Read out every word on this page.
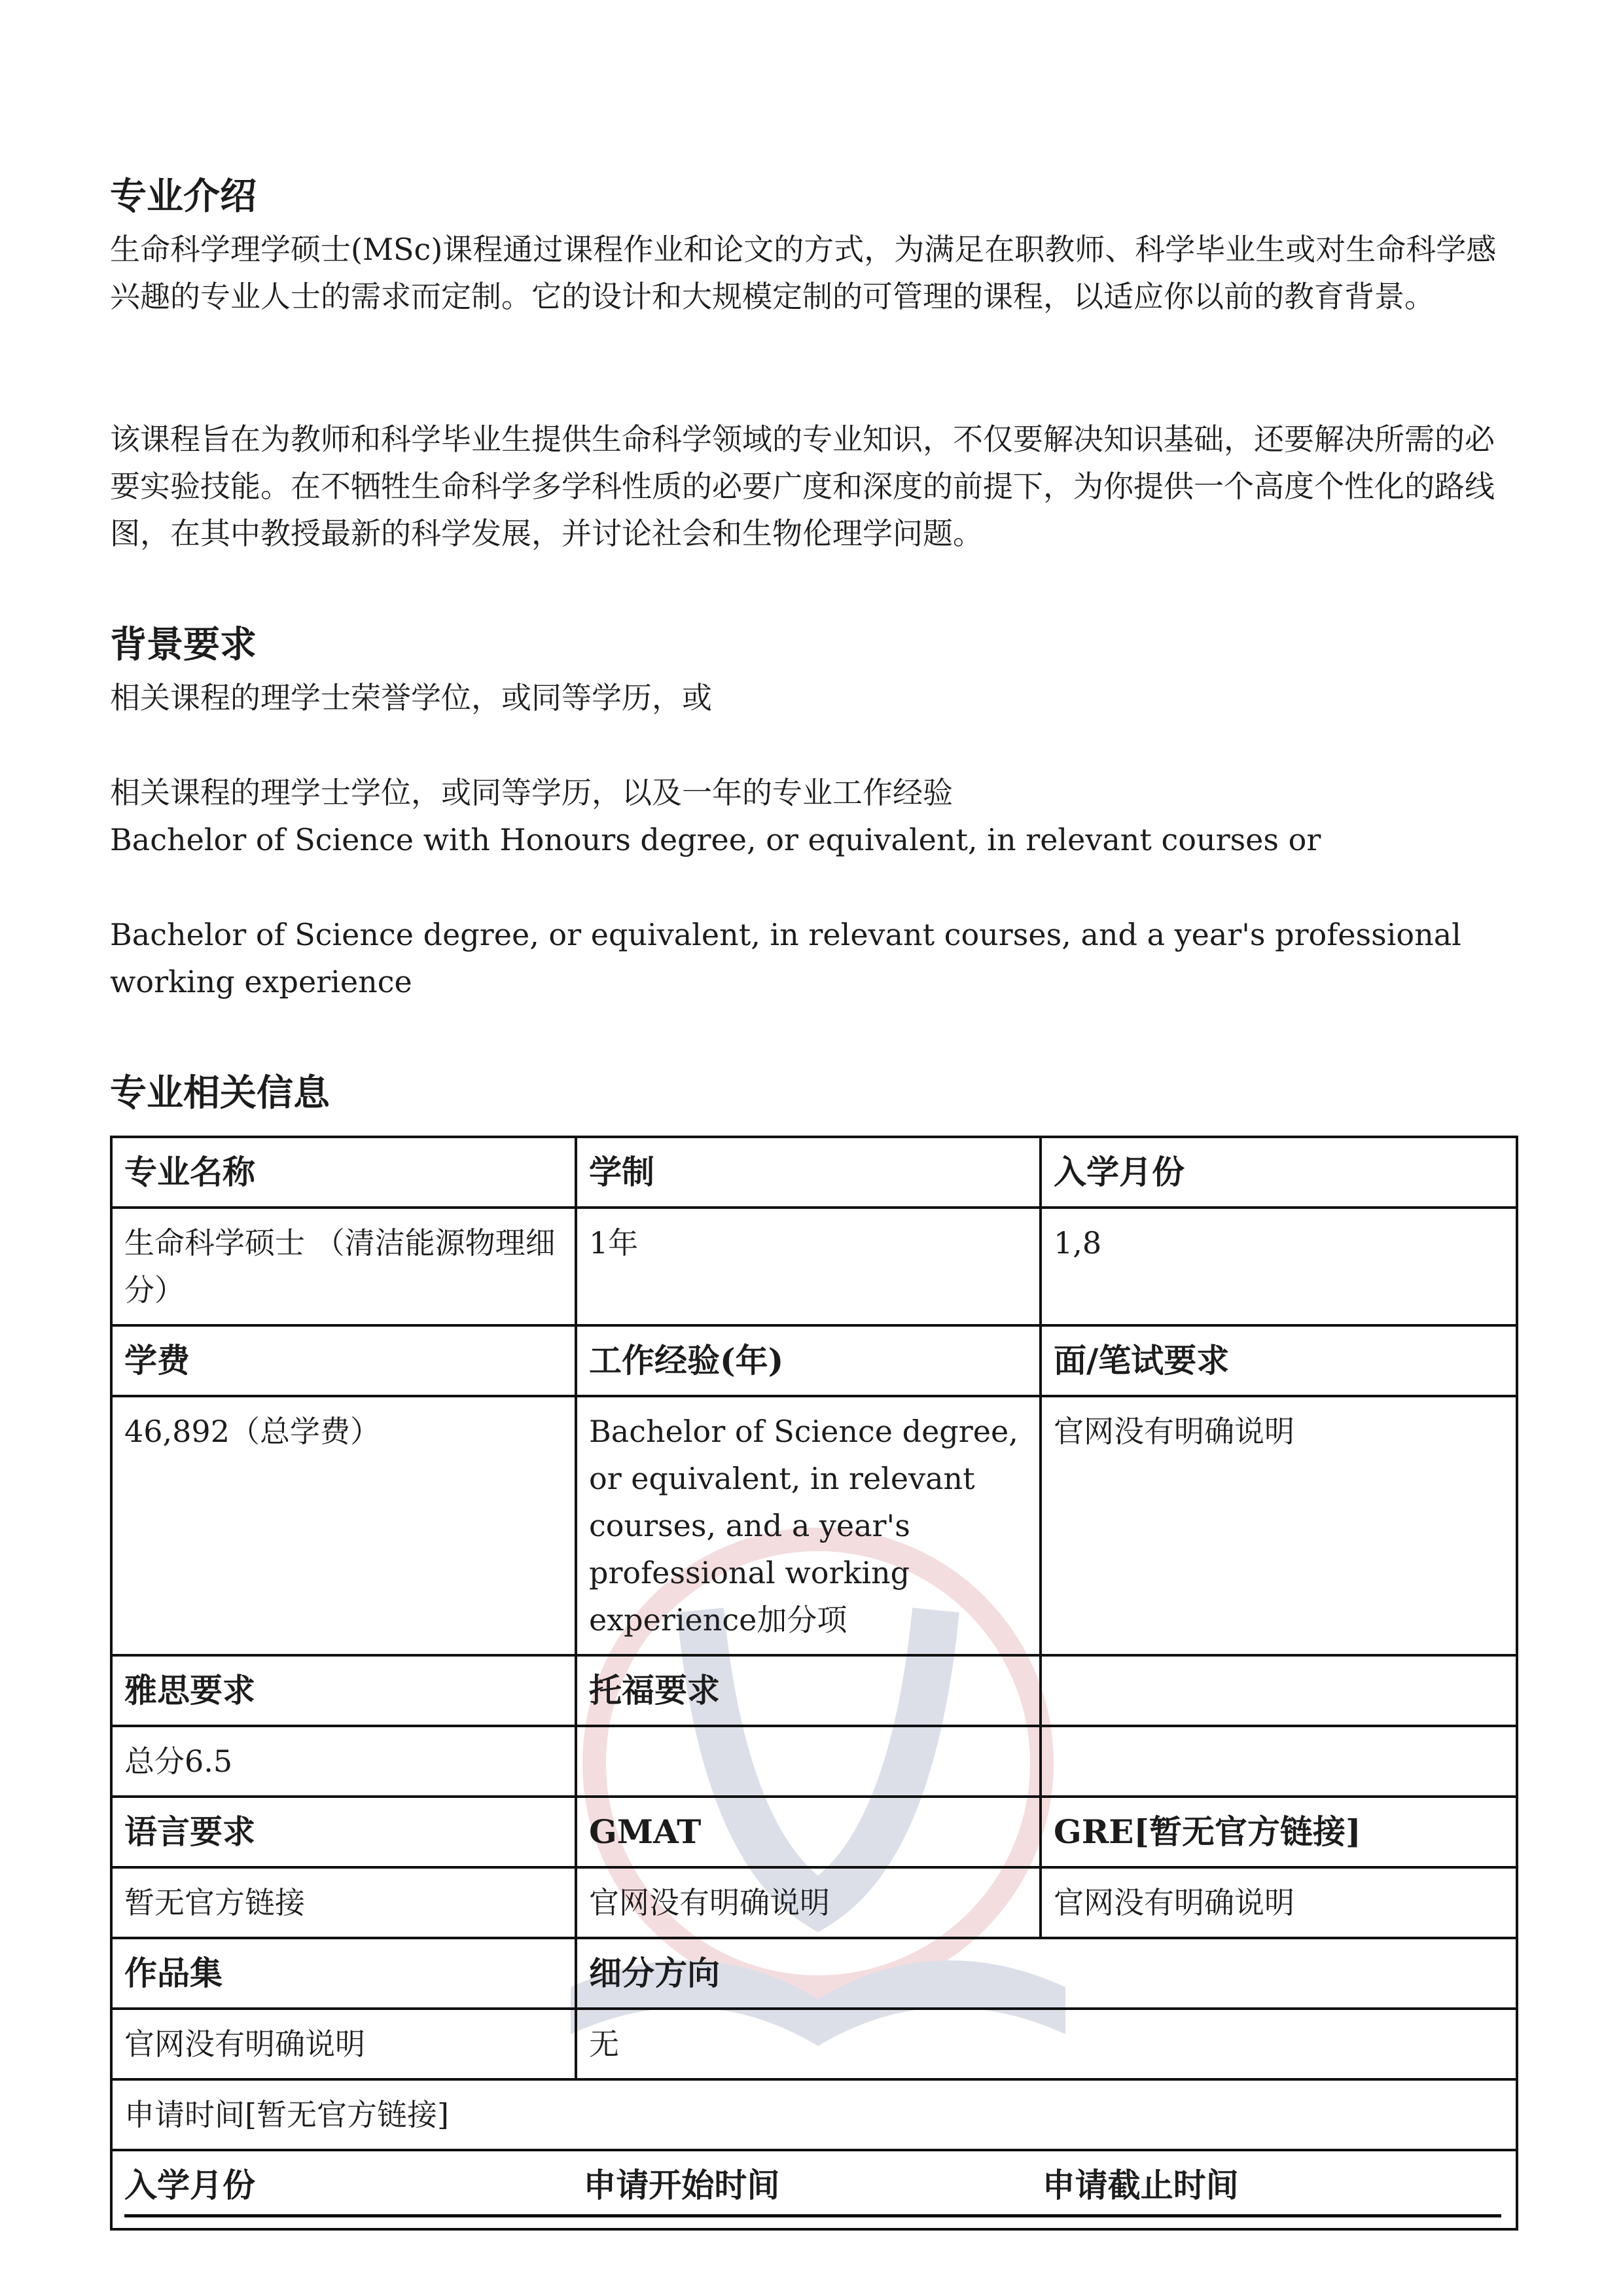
专业介绍

生命科学理学硕士(MSc)课程通过课程作业和论文的方式，为满足在职教师、科学毕业生或对生命科学感兴趣的专业人士的需求而定制。它的设计和大规模定制的可管理的课程，以适应你以前的教育背景。

该课程旨在为教师和科学毕业生提供生命科学领域的专业知识，不仅要解决知识基础，还要解决所需的必要实验技能。在不牺牲生命科学多学科性质的必要广度和深度的前提下，为你提供一个高度个性化的路线图，在其中教授最新的科学发展，并讨论社会和生物伦理学问题。

背景要求
相关课程的理学士荣誉学位，或同等学历，或
相关课程的理学士学位，或同等学历，以及一年的专业工作经验
Bachelor of Science with Honours degree, or equivalent, in relevant courses or
Bachelor of Science degree, or equivalent, in relevant courses, and a year's professional working experience
专业相关信息
专业名称	学制	入学月份
生命科学硕士 （清洁能源物理细分）	1年	1,8
学费	工作经验(年)	面/笔试要求
46,892（总学费）	Bachelor of Science degree, or equivalent, in relevant courses, and a year's professional working experience加分项	官网没有明确说明
雅思要求	托福要求	
总分6.5		
语言要求	GMAT	GRE[暂无官方链接]
暂无官方链接	官网没有明确说明	官网没有明确说明
作品集	细分方向	
官网没有明确说明	无	
申请时间[暂无官方链接]		

入学月份 申请开始时间 申请截止时间		
